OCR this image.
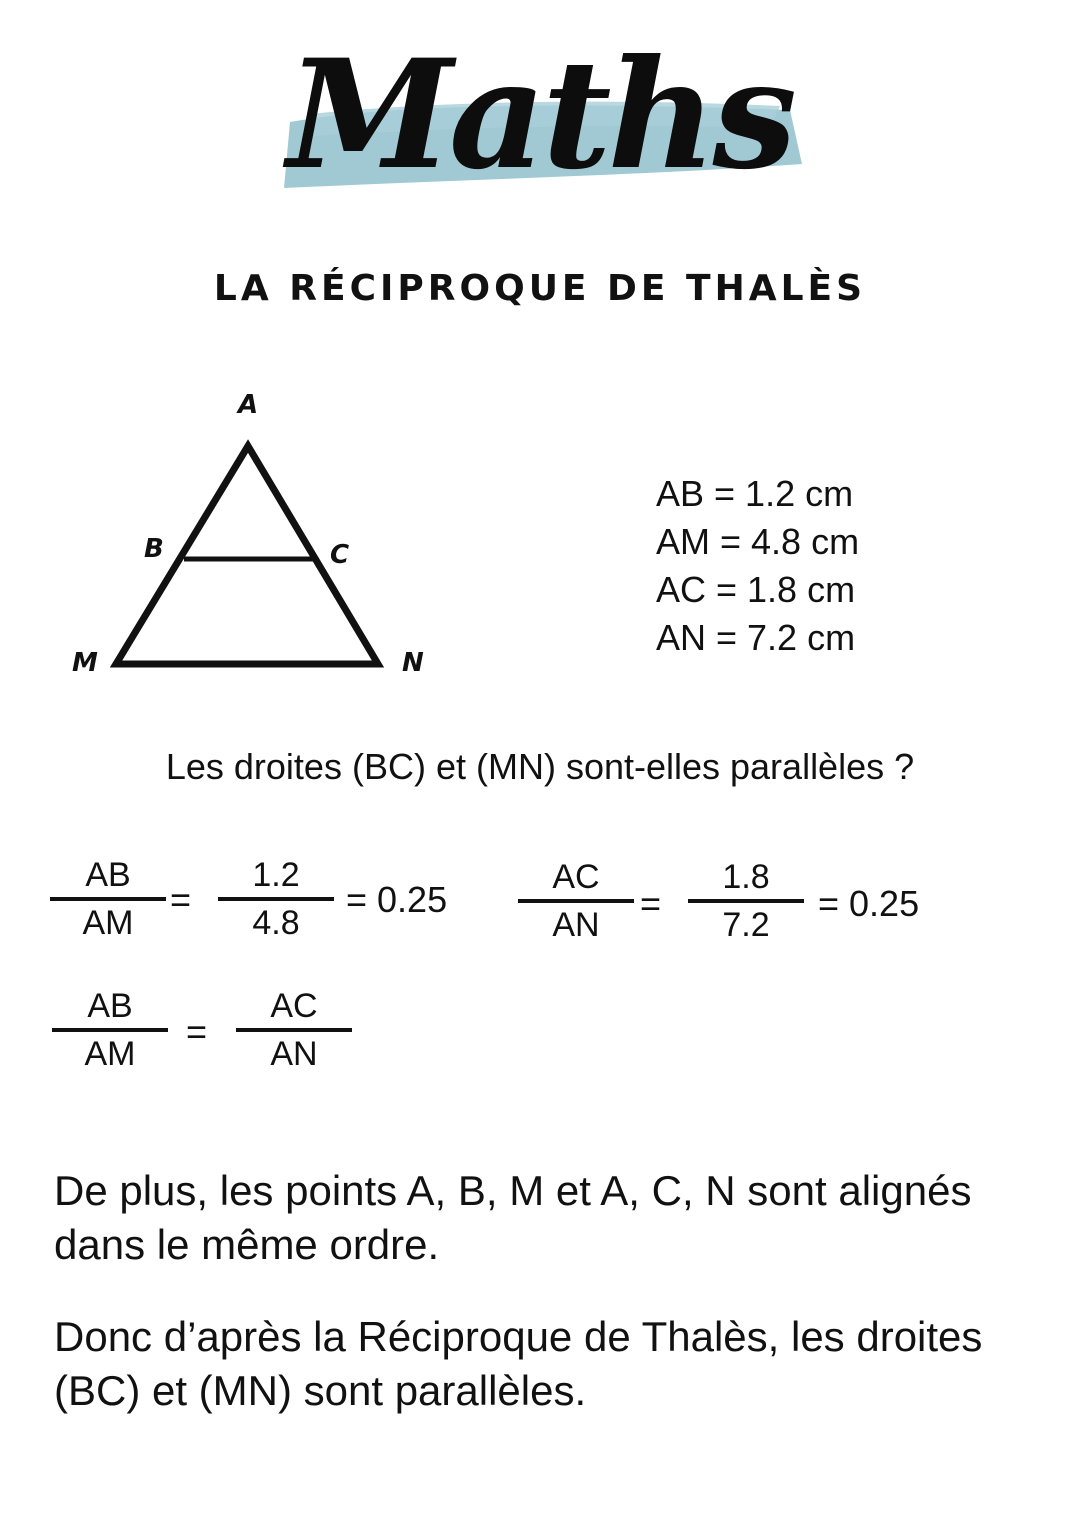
Maths
LA RÉCIPROQUE DE THALÈS
A
B	C
M	N
AB = 1.2 cm
AM = 4.8 cm
AC = 1.8 cm
AN = 7.2 cm
Les droites (BC) et (MN) sont-elles parallèles ?
AB
AM
=
1.2
4.8
= 0.25
AC
AN
=
1.8
7.2
= 0.25
AB
AM
=
AC
AN
De plus, les points A, B, M et A, C, N sont alignés dans le même ordre.
Donc d’après la Réciproque de Thalès, les droites (BC) et (MN) sont parallèles.
